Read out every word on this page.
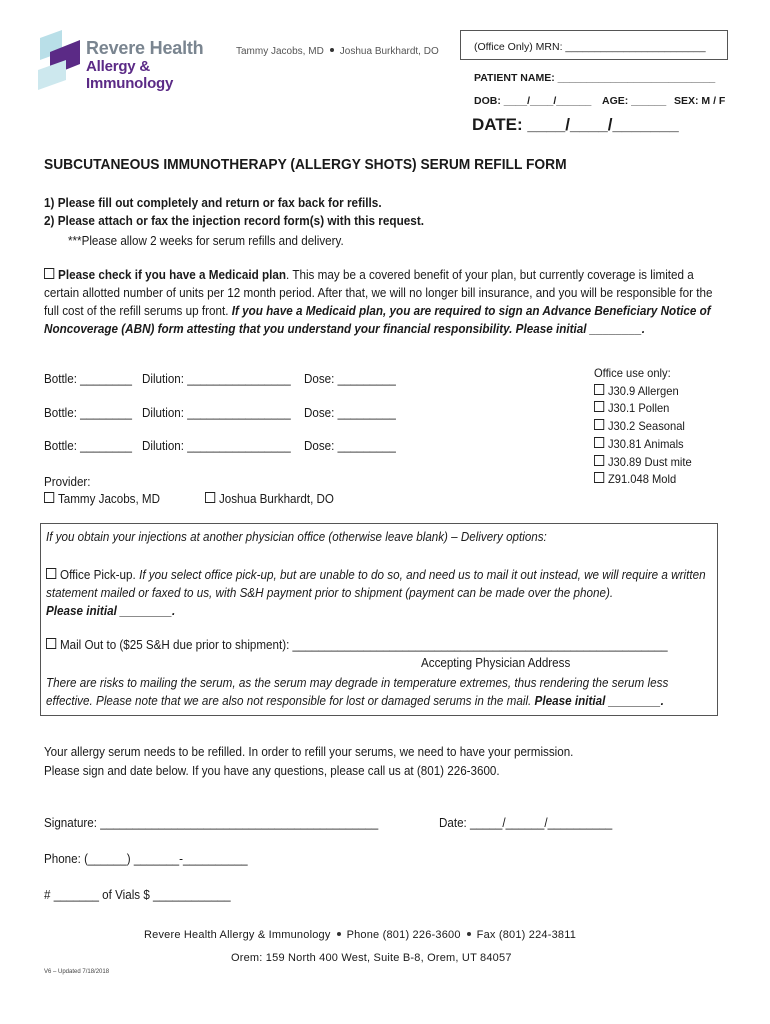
Revere Health
Allergy & Immunology
Tammy Jacobs, MD Joshua Burkhardt, DO	(Office Only) MRN: ________________________
PATIENT NAME: ___________________________
DOB: ____/____/______ AGE: ______ SEX: M / F
DATE: ____/____/_______
SUBCUTANEOUS IMMUNOTHERAPY (ALLERGY SHOTS) SERUM REFILL FORM
1) Please fill out completely and return or fax back for refills.
2) Please attach or fax the injection record form(s) with this request.
***Please allow 2 weeks for serum refills and delivery.
Please check if you have a Medicaid plan. This may be a covered benefit of your plan, but currently coverage is limited a certain allotted number of units per 12 month period. After that, we will no longer bill insurance, and you will be responsible for the full cost of the refill serums up front. If you have a Medicaid plan, you are required to sign an Advance Beneficiary Notice of Noncoverage (ABN) form attesting that you understand your financial responsibility. Please initial ________.
Bottle: ________ Dilution: ________________ Dose: _________
Bottle: ________ Dilution: ________________ Dose: _________
Bottle: ________ Dilution: ________________ Dose: _________
Provider:
Tammy Jacobs, MD	Joshua Burkhardt, DO
Office use only:
J30.9 Allergen
J30.1 Pollen
J30.2 Seasonal
J30.81 Animals
J30.89 Dust mite
Z91.048 Mold
If you obtain your injections at another physician office (otherwise leave blank) – Delivery options:
Office Pick-up. If you select office pick-up, but are unable to do so, and need us to mail it out instead, we will require a written statement mailed or faxed to us, with S&H payment prior to shipment (payment can be made over the phone).
Please initial ________.
Mail Out to ($25 S&H due prior to shipment): __________________________________________________________
Accepting Physician Address
There are risks to mailing the serum, as the serum may degrade in temperature extremes, thus rendering the serum less effective. Please note that we are also not responsible for lost or damaged serums in the mail. Please initial ________.
Your allergy serum needs to be refilled. In order to refill your serums, we need to have your permission.
Please sign and date below. If you have any questions, please call us at (801) 226-3600.
Signature: ___________________________________________	Date: _____/______/__________
Phone: (______) _______-__________
# _______ of Vials $ ____________
Revere Health Allergy & Immunology Phone (801) 226-3600 Fax (801) 224-3811
Orem: 159 North 400 West, Suite B-8, Orem, UT 84057
V6 – Updated 7/18/2018
